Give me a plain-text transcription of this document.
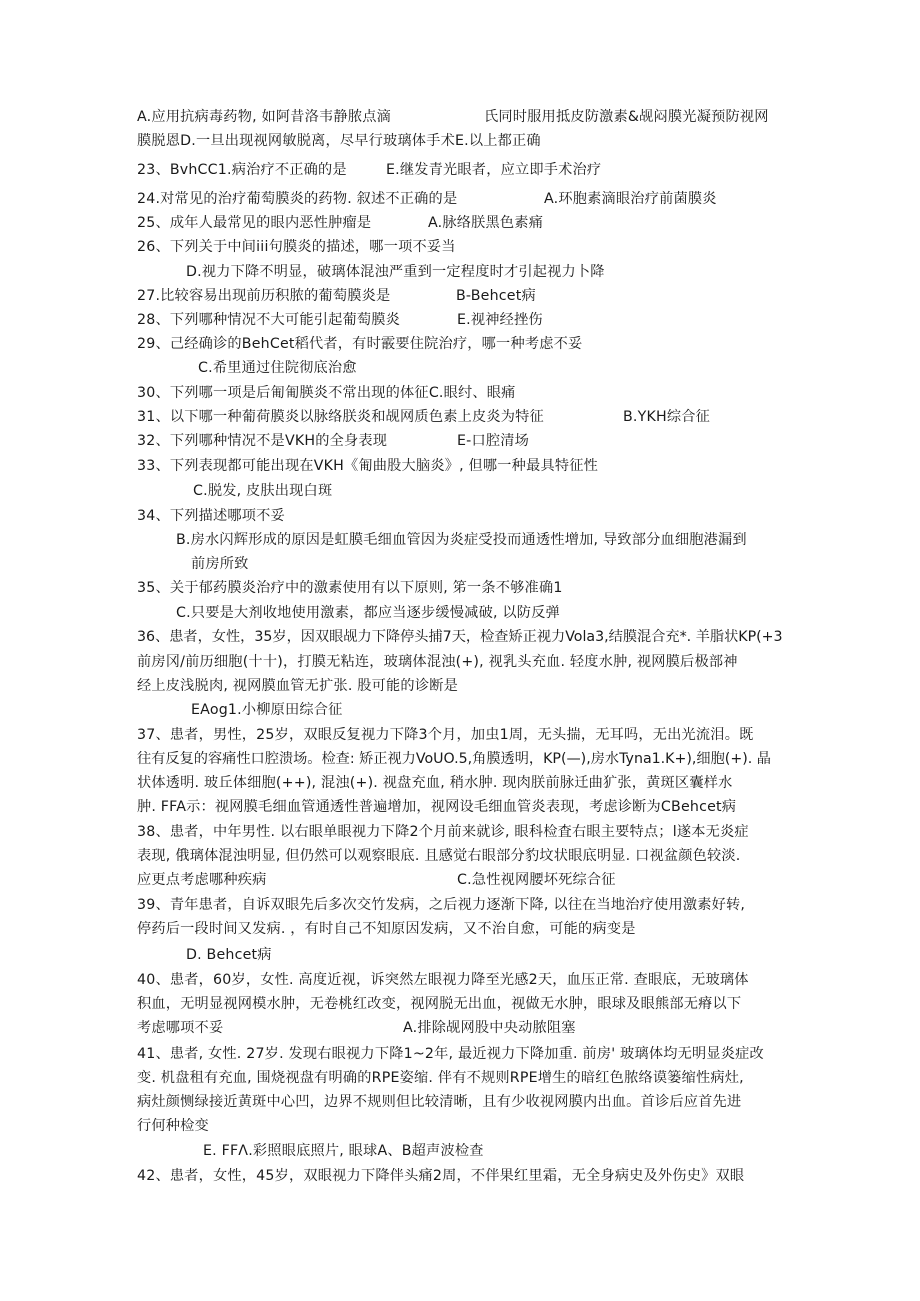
A.应用抗病毒药物, 如阿昔洛韦静脓点滴	氏同时服用抵皮防激素&觇闷膜光凝预防视网
膜脱恩D.一旦出现视网敏脱离，尽早行玻璃体手术E.以上都正确
23、BvhCC1.病治疗不正确的是	E.继发青光眼者，应立即手术治疗
24.对常见的治疗葡萄膜炎的药物. 叙述不正确的是	A.环胞素滴眼治疗前菌膜炎
25、成年人最常见的眼内恶性肿瘤是	A.脉络朕黑色素痛
26、下列关于中间iii句膜炎的描述，哪一项不妥当
D.视力下降不明显，破璃体混浊严重到一定程度时才引起视力卜降
27.比较容易出现前历积脓的葡萄膜炎是	B-Behcet病
28、下列哪种情况不大可能引起葡萄膜炎	E.视神经挫伤
29、己经确诊的BehCet稻代者，有时霰要住院治疗，哪一种考虑不妥
C.希里通过住院彻底治愈
30、下列哪一项是后匍匍朠炎不常出现的体征C.眼纣、眼痛
31、以下哪一种葡荷膜炎以脉络朕炎和觇网质色素上皮炎为特征	B.YKH综合征
32、下列哪种情况不是VKH的全身表现	E-口腔清场
33、下列表现都可能出现在VKH《匍曲股大脑炎》, 但哪一种最具特征性
C.脱发, 皮肤出现白斑
34、下列描述哪项不妥
B.房水闪辉形成的原因是虹膜毛细血管因为炎症受投而通透性增加, 导致部分血细胞港漏到
前房所致
35、关于郁药膜炎治疗中的激素使用有以下原则, 笫一条不够准确1
C.只要是大剂收地使用激素，都应当逐步缓慢减破, 以防反弹
36、患者，女性，35岁，因双眼觇力下降停头捕7天，检查矫正视力Vola3,结膜混合充*. 羊脂状KP(+3
前房冈/前历细胞(十十)，打膜无粘连，玻璃体混浊(+), 视乳头充血. 轻度水肿, 视网膜后极部神
经上皮浅脱肉, 视网膜血管无扩张. 股可能的诊断是
EAog1.小柳原田综合征
37、患者，男性，25岁，双眼反复视力下降3个月，加虫1周，无头揣，无耳吗，无出光流泪。既
往有反复的容痛性口腔溃场。检查: 矫正视力VoUO.5,角膜透明，KP(—),房水Tyna1.K+),细胞(+). 晶
状体透明. 玻丘体细胞(++), 混浊(+). 视盘充血, 稍水肿. 现肉朕前脉迁曲犷张，黄斑区囊样水
肿. FFA示：视网膜毛细血管通透性普遍增加，视网设毛细血管炎表现，考虑诊断为CBehcet病
38、患者，中年男性. 以右眼单眼视力下降2个月前来就诊, 眼科检査右眼主要特点；l遂本无炎症
表现, 俄璃体混浊明显, 但仍然可以观察眼底. 且感觉右眼部分豹坟状眼底明显. 口视盆颜色较淡.
应更点考虑哪种疾病	C.急性视网腰坏死综合征
39、青年患者，自诉双眼先后多次交竹发病，之后视力逐渐下降, 以往在当地治疗使用激素好转,
停药后一段时间又发病. ，有时自己不知原因发病，又不治自愈，可能的病变是
D. Behcet病
40、患者，60岁，女性. 高度近视，诉突然左眼视力降至光感2天，血压正常. 查眼底，无玻璃体
积血，无明显视网模水肿，无卷桃红改变，视网脱无出血，视做无水肿，眼球及眼熊部无瘠以下
考虑哪项不妥	A.排除觇网股中央动脓阻塞
41、患者, 女性. 27岁. 发现右眼视力下降1~2年, 最近视力下降加重. 前房' 玻璃体均无明显炎症改
变. 机盘租有充血, 围烧视盘有明确的RPE姿缩. 伴有不规则RPE增生的暗红色脓络谟篓缩性病灶,
病灶颜恻绿接近黄斑中心凹，边界不规则但比较清晰，且有少收视网膜内出血。首诊后应首先进
行何种检变
E. FFΛ.彩照眼底照片, 眼球A、B超声波检查
42、患者，女性，45岁，双眼视力下降伴头痛2周，不伴果红里霜，无全身病史及外伤史》双眼
